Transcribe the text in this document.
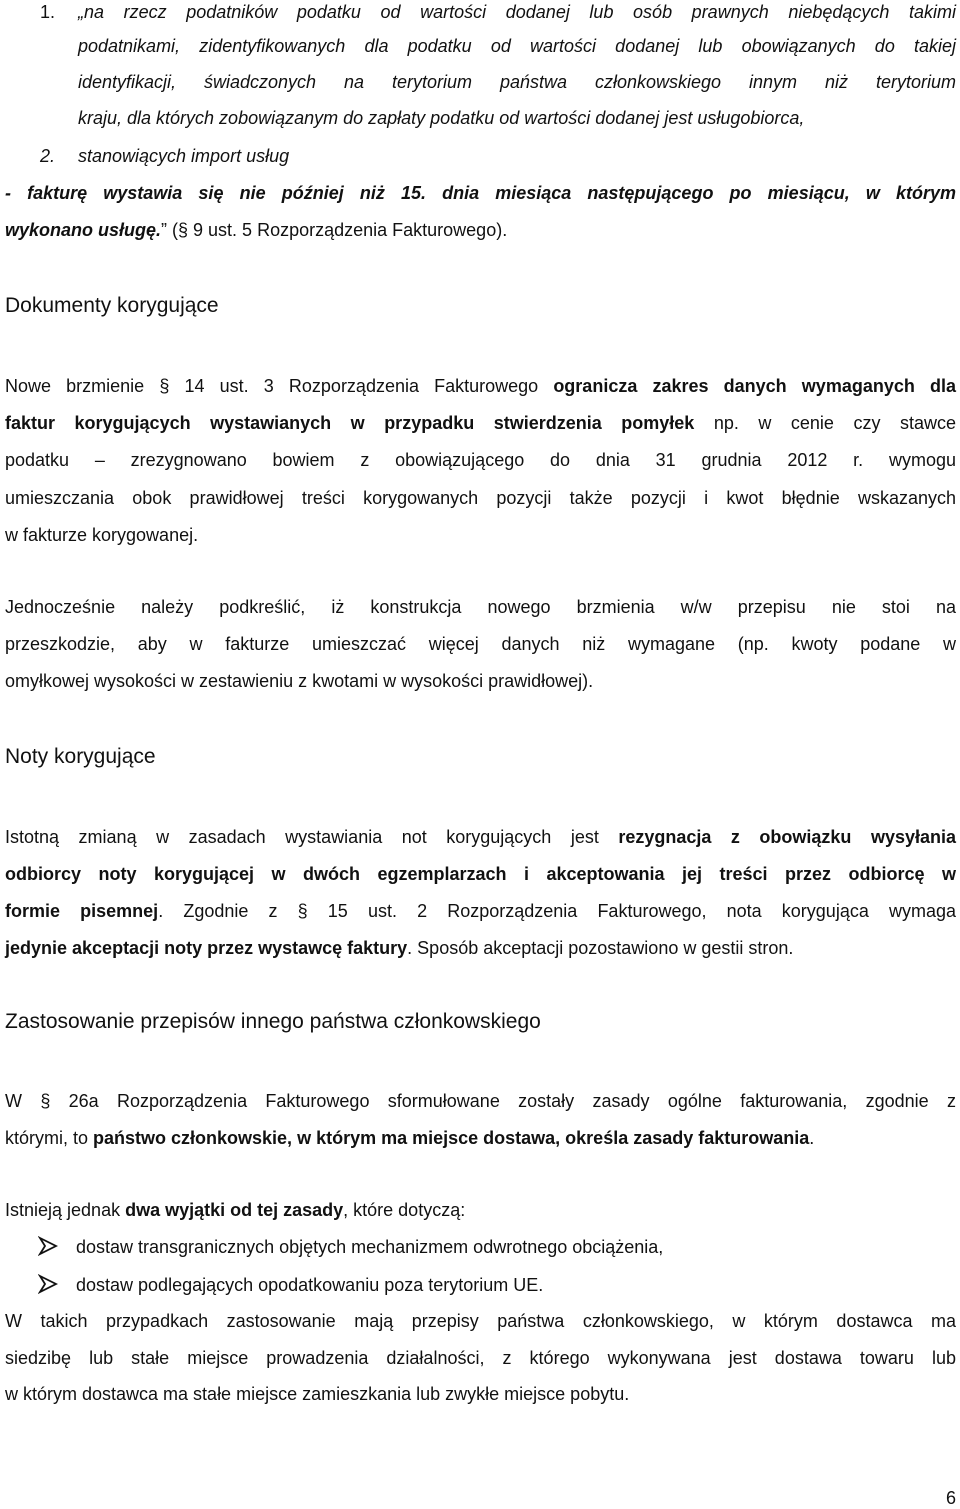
1. „na rzecz podatników podatku od wartości dodanej lub osób prawnych niebędących takimi
podatnikami, zidentyfikowanych dla podatku od wartości dodanej lub obowiązanych do takiej
identyfikacji, świadczonych na terytorium państwa członkowskiego innym niż terytorium
kraju, dla których zobowiązanym do zapłaty podatku od wartości dodanej jest usługobiorca,
2. stanowiących import usług
- fakturę wystawia się nie później niż 15. dnia miesiąca następującego po miesiącu, w którym
wykonano usługę.” (§ 9 ust. 5 Rozporządzenia Fakturowego).
Dokumenty korygujące
Nowe brzmienie § 14 ust. 3 Rozporządzenia Fakturowego ogranicza zakres danych wymaganych dla
faktur korygujących wystawianych w przypadku stwierdzenia pomyłek np. w cenie czy stawce
podatku – zrezygnowano bowiem z obowiązującego do dnia 31 grudnia 2012 r. wymogu
umieszczania obok prawidłowej treści korygowanych pozycji także pozycji i kwot błędnie wskazanych
w fakturze korygowanej.
Jednocześnie należy podkreślić, iż konstrukcja nowego brzmienia w/w przepisu nie stoi na
przeszkodzie, aby w fakturze umieszczać więcej danych niż wymagane (np. kwoty podane w
omyłkowej wysokości w zestawieniu z kwotami w wysokości prawidłowej).
Noty korygujące
Istotną zmianą w zasadach wystawiania not korygujących jest rezygnacja z obowiązku wysyłania
odbiorcy noty korygującej w dwóch egzemplarzach i akceptowania jej treści przez odbiorcę w
formie pisemnej. Zgodnie z § 15 ust. 2 Rozporządzenia Fakturowego, nota korygująca wymaga
jedynie akceptacji noty przez wystawcę faktury. Sposób akceptacji pozostawiono w gestii stron.
Zastosowanie przepisów innego państwa członkowskiego
W § 26a Rozporządzenia Fakturowego sformułowane zostały zasady ogólne fakturowania, zgodnie z
którymi, to państwo członkowskie, w którym ma miejsce dostawa, określa zasady fakturowania.
Istnieją jednak dwa wyjątki od tej zasady, które dotyczą:
dostaw transgranicznych objętych mechanizmem odwrotnego obciążenia,
dostaw podlegających opodatkowaniu poza terytorium UE.
W takich przypadkach zastosowanie mają przepisy państwa członkowskiego, w którym dostawca ma
siedzibę lub stałe miejsce prowadzenia działalności, z którego wykonywana jest dostawa towaru lub
w którym dostawca ma stałe miejsce zamieszkania lub zwykłe miejsce pobytu.
6
